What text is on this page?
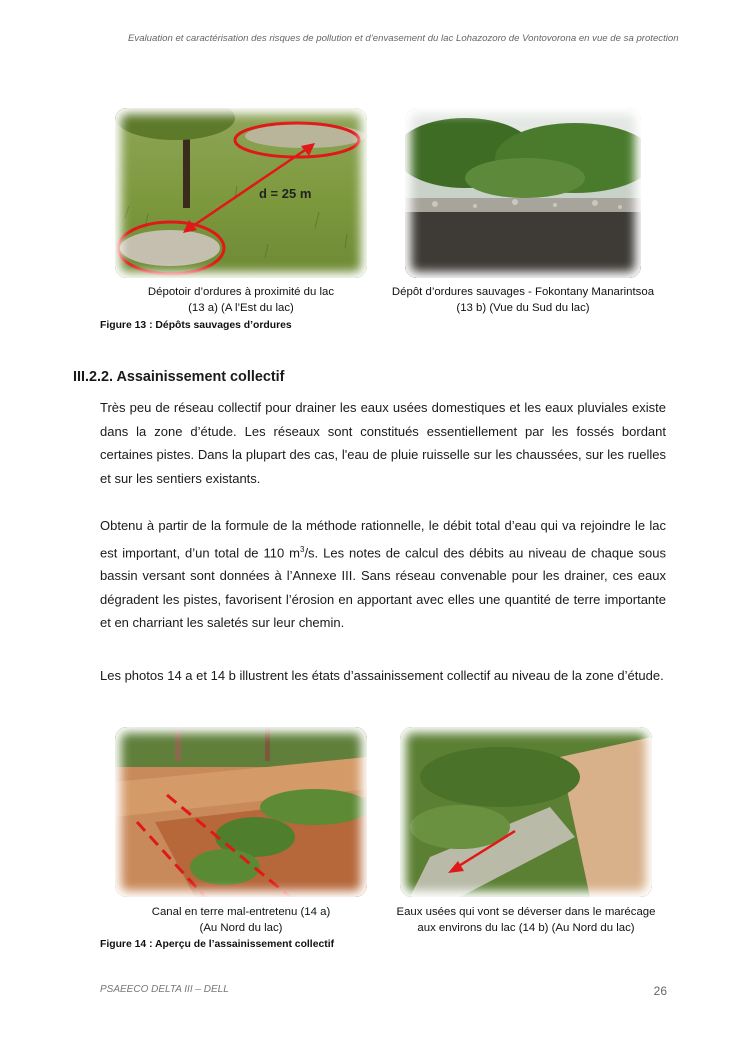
Evaluation et caractérisation des risques de pollution et d’envasement du lac Lohazozoro de Vontovorona en vue de sa protection
d = 25 m
Dépotoir d’ordures à proximité du lac
(13 a) (A l’Est du lac)
Dépôt d’ordures sauvages - Fokontany Manarintsoa
(13 b) (Vue du Sud du lac)
Figure 13 : Dépôts sauvages d’ordures
III.2.2. Assainissement collectif

Très peu de réseau collectif pour drainer les eaux usées domestiques et les eaux pluviales existe dans la zone d’étude. Les réseaux sont constitués essentiellement par les fossés bordant certaines pistes. Dans la plupart des cas, l'eau de pluie ruisselle sur les chaussées, sur les ruelles et sur les sentiers existants.

Obtenu à partir de la formule de la méthode rationnelle, le débit total d’eau qui va rejoindre le lac est important, d’un total de 110 $m^3/s$. Les notes de calcul des débits au niveau de chaque sous bassin versant sont données à l’Annexe III. Sans réseau convenable pour les drainer, ces eaux dégradent les pistes, favorisent l’érosion en apportant avec elles une quantité de terre importante et en charriant les saletés sur leur chemin.

Les photos 14 a et 14 b illustrent les états d’assainissement collectif au niveau de la zone d’étude.

Canal en terre mal-entretenu (14 a)
(Au Nord du lac)
Eaux usées qui vont se déverser dans le marécage
aux environs du lac (14 b) (Au Nord du lac)
Figure 14 : Aperçu de l’assainissement collectif
PSAEECO DELTA III – DELL	26
